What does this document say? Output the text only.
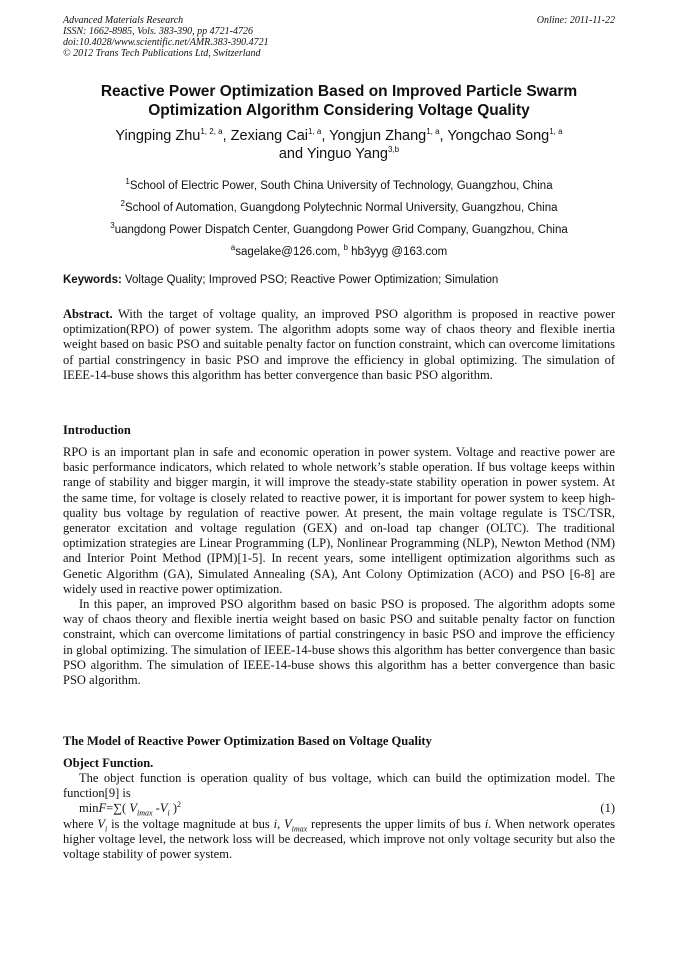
Advanced Materials Research
ISSN: 1662-8985, Vols. 383-390, pp 4721-4726
doi:10.4028/www.scientific.net/AMR.383-390.4721
© 2012 Trans Tech Publications Ltd, Switzerland
Online: 2011-11-22
Reactive Power Optimization Based on Improved Particle Swarm
Optimization Algorithm Considering Voltage Quality
Yingping Zhu$^{1, 2, a}$, Zexiang Cai$^{1, a}$, Yongjun Zhang$^{1, a}$, Yongchao Song$^{1, a}$
and Yinguo Yang$^{3,b}$
$^1$School of Electric Power, South China University of Technology, Guangzhou, China
$^2$School of Automation, Guangdong Polytechnic Normal University, Guangzhou, China
$^3$uangdong Power Dispatch Center, Guangdong Power Grid Company, Guangzhou, China
$^a$sagelake@126.com, $^b$ hb3yyg @163.com
Keywords: Voltage Quality; Improved PSO; Reactive Power Optimization; Simulation

Abstract. With the target of voltage quality, an improved PSO algorithm is proposed in reactive power optimization(RPO) of power system. The algorithm adopts some way of chaos theory and flexible inertia weight based on basic PSO and suitable penalty factor on function constraint, which can overcome limitations of partial constringency in basic PSO and improve the efficiency in global optimizing. The simulation of IEEE-14-buse shows this algorithm has better convergence than basic PSO algorithm.

Introduction

RPO is an important plan in safe and economic operation in power system. Voltage and reactive power are basic performance indicators, which related to whole network’s stable operation. If bus voltage keeps within range of stability and bigger margin, it will improve the steady-state stability operation in power system. At the same time, for voltage is closely related to reactive power, it is important for power system to keep high-quality bus voltage by regulation of reactive power. At present, the main voltage regulate is TSC/TSR, generator excitation and voltage regulation (GEX) and on-load tap changer (OLTC). The traditional optimization strategies are Linear Programming (LP), Nonlinear Programming (NLP), Newton Method (NM) and Interior Point Method (IPM)[1-5]. In recent years, some intelligent optimization algorithms such as Genetic Algorithm (GA), Simulated Annealing (SA), Ant Colony Optimization (ACO) and PSO [6-8] are widely used in reactive power optimization.

In this paper, an improved PSO algorithm based on basic PSO is proposed. The algorithm adopts some way of chaos theory and flexible inertia weight based on basic PSO and suitable penalty factor on function constraint, which can overcome limitations of partial constringency in basic PSO and improve the efficiency in global optimizing. The simulation of IEEE-14-buse shows this algorithm has better convergence than basic PSO algorithm. The simulation of IEEE-14-buse shows this algorithm has a better convergence than basic PSO algorithm.

The Model of Reactive Power Optimization Based on Voltage Quality
Object Function.

The object function is operation quality of bus voltage, which can build the optimization model. The function[9] is

minF=∑( $V_{imax}$ $-V_i$ )$^2$	(1)

where $V_i$ is the voltage magnitude at bus i, $V_{imax}$ represents the upper limits of bus i. When network operates higher voltage level, the network loss will be decreased, which improve not only voltage security but also the voltage stability of power system.
